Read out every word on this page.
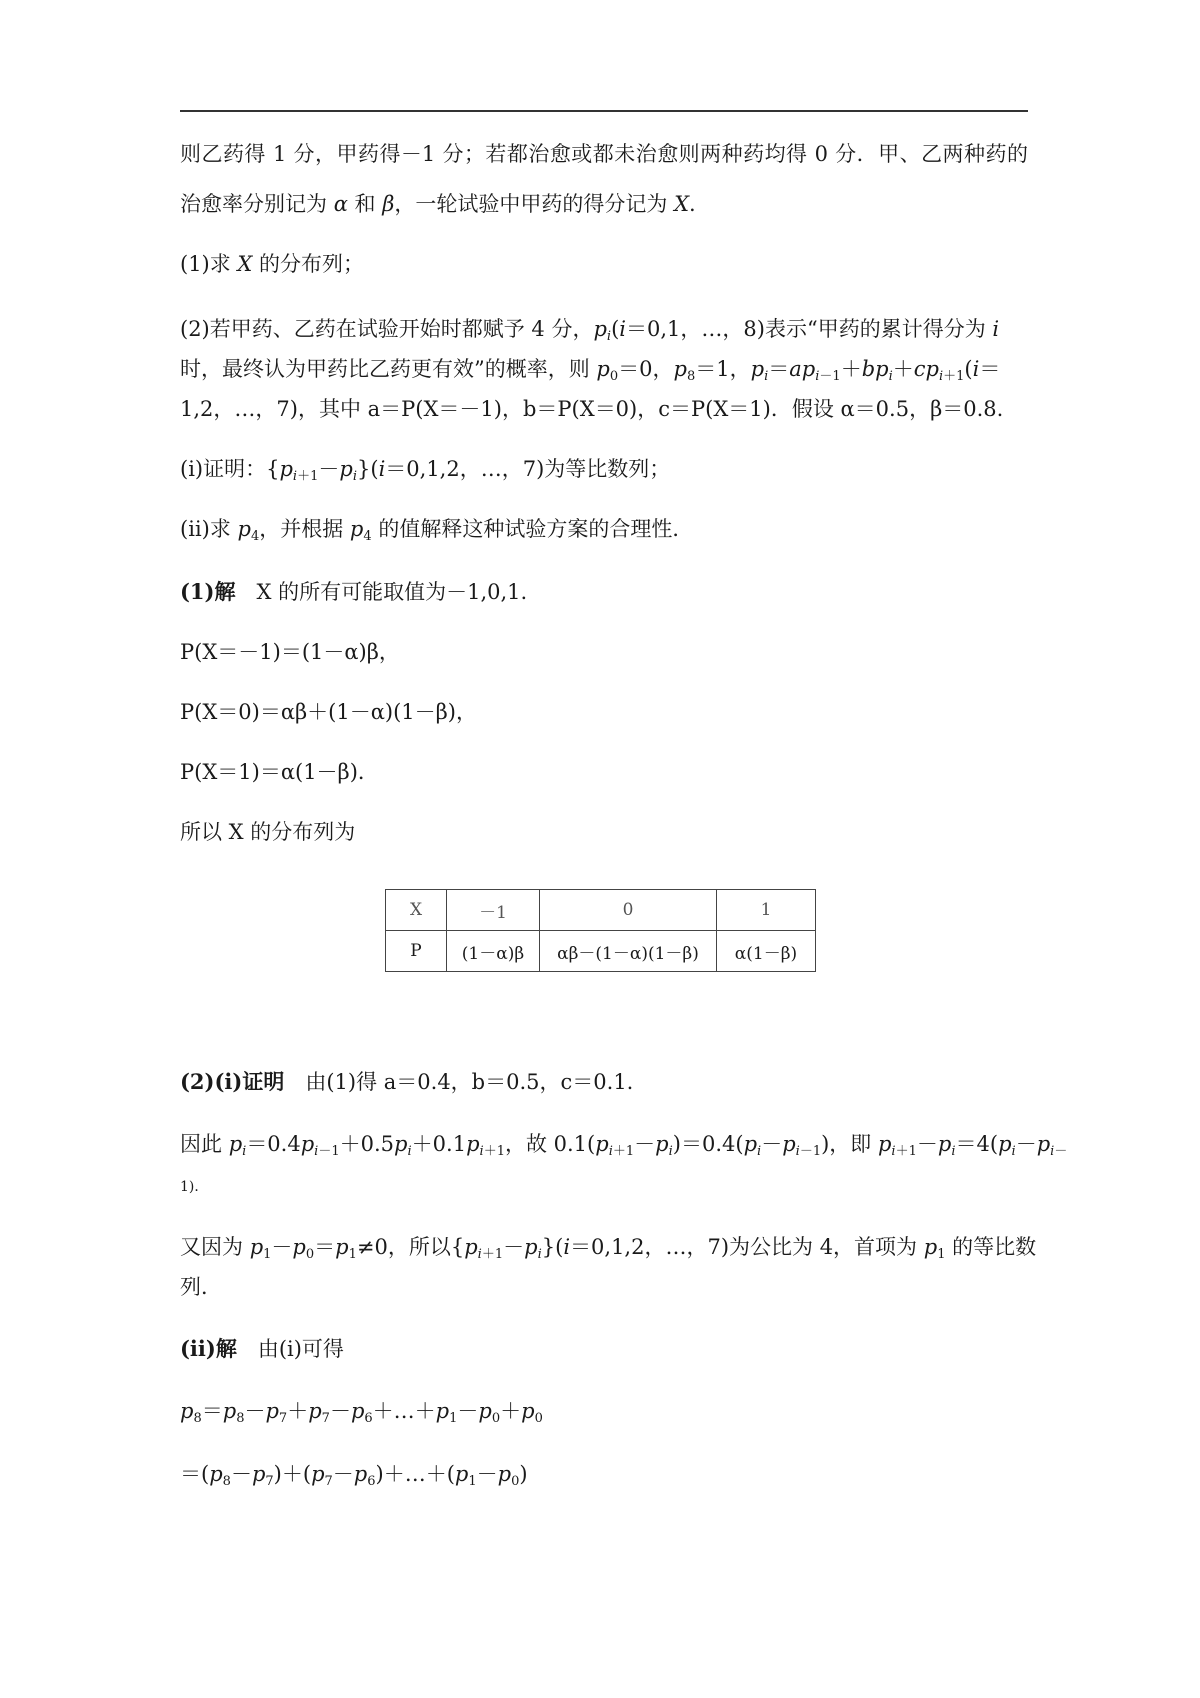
则乙药得 1 分，甲药得－1 分；若都治愈或都未治愈则两种药均得 0 分．甲、乙两种药的
治愈率分别记为 α 和 β，一轮试验中甲药的得分记为 X.
(1)求 X 的分布列；
(2)若甲药、乙药在试验开始时都赋予 4 分，$p_i(i=0,1$，…，8)表示“甲药的累计得分为 i
时，最终认为甲药比乙药更有效”的概率，则 $p_0=0$，$p_8=1$，$p_i=ap_{i-1}+bp_i+cp_{i+1}(i=$
1,2，…，7)，其中 a＝P(X＝－1)，b＝P(X＝0)，c＝P(X＝1)．假设 α＝0.5，β＝0.8.
(ⅰ)证明：$\{p_{i+1}-p_i\}(i=0,1,2$，…，7)为等比数列；
(ⅱ)求 $p_4$，并根据 $p_4$ 的值解释这种试验方案的合理性．
(1)解　X 的所有可能取值为－1,0,1.
P(X＝－1)＝(1－α)β，
P(X＝0)＝αβ＋(1－α)(1－β)，
P(X＝1)＝α(1－β)．
所以 X 的分布列为
X	－1	0	1
P	(1－α)β	αβ－(1－α)(1－β)	α(1－β)
(2)(ⅰ)证明　由(1)得 a＝0.4，b＝0.5，c＝0.1.
因此 $p_i=0.4p_{i-1}+0.5p_i+0.1p_{i+1}$，故 $0.1(p_{i+1}-p_i)=0.4(p_i-p_{i-1})$，即 $p_{i+1}-p_i=4(p_i-p_{i-}$
1)．
又因为 $p_1-p_0=p_1\ne 0$，所以$\{p_{i+1}-p_i\}(i=0,1,2$，…，7)为公比为 4，首项为 $p_1$ 的等比数
列．
(ⅱ)解　由(ⅰ)可得
$p_8=p_8-p_7+p_7-p_6+\dots+p_1-p_0+p_0$
$=(p_8-p_7)+(p_7-p_6)+\dots+(p_1-p_0)$
